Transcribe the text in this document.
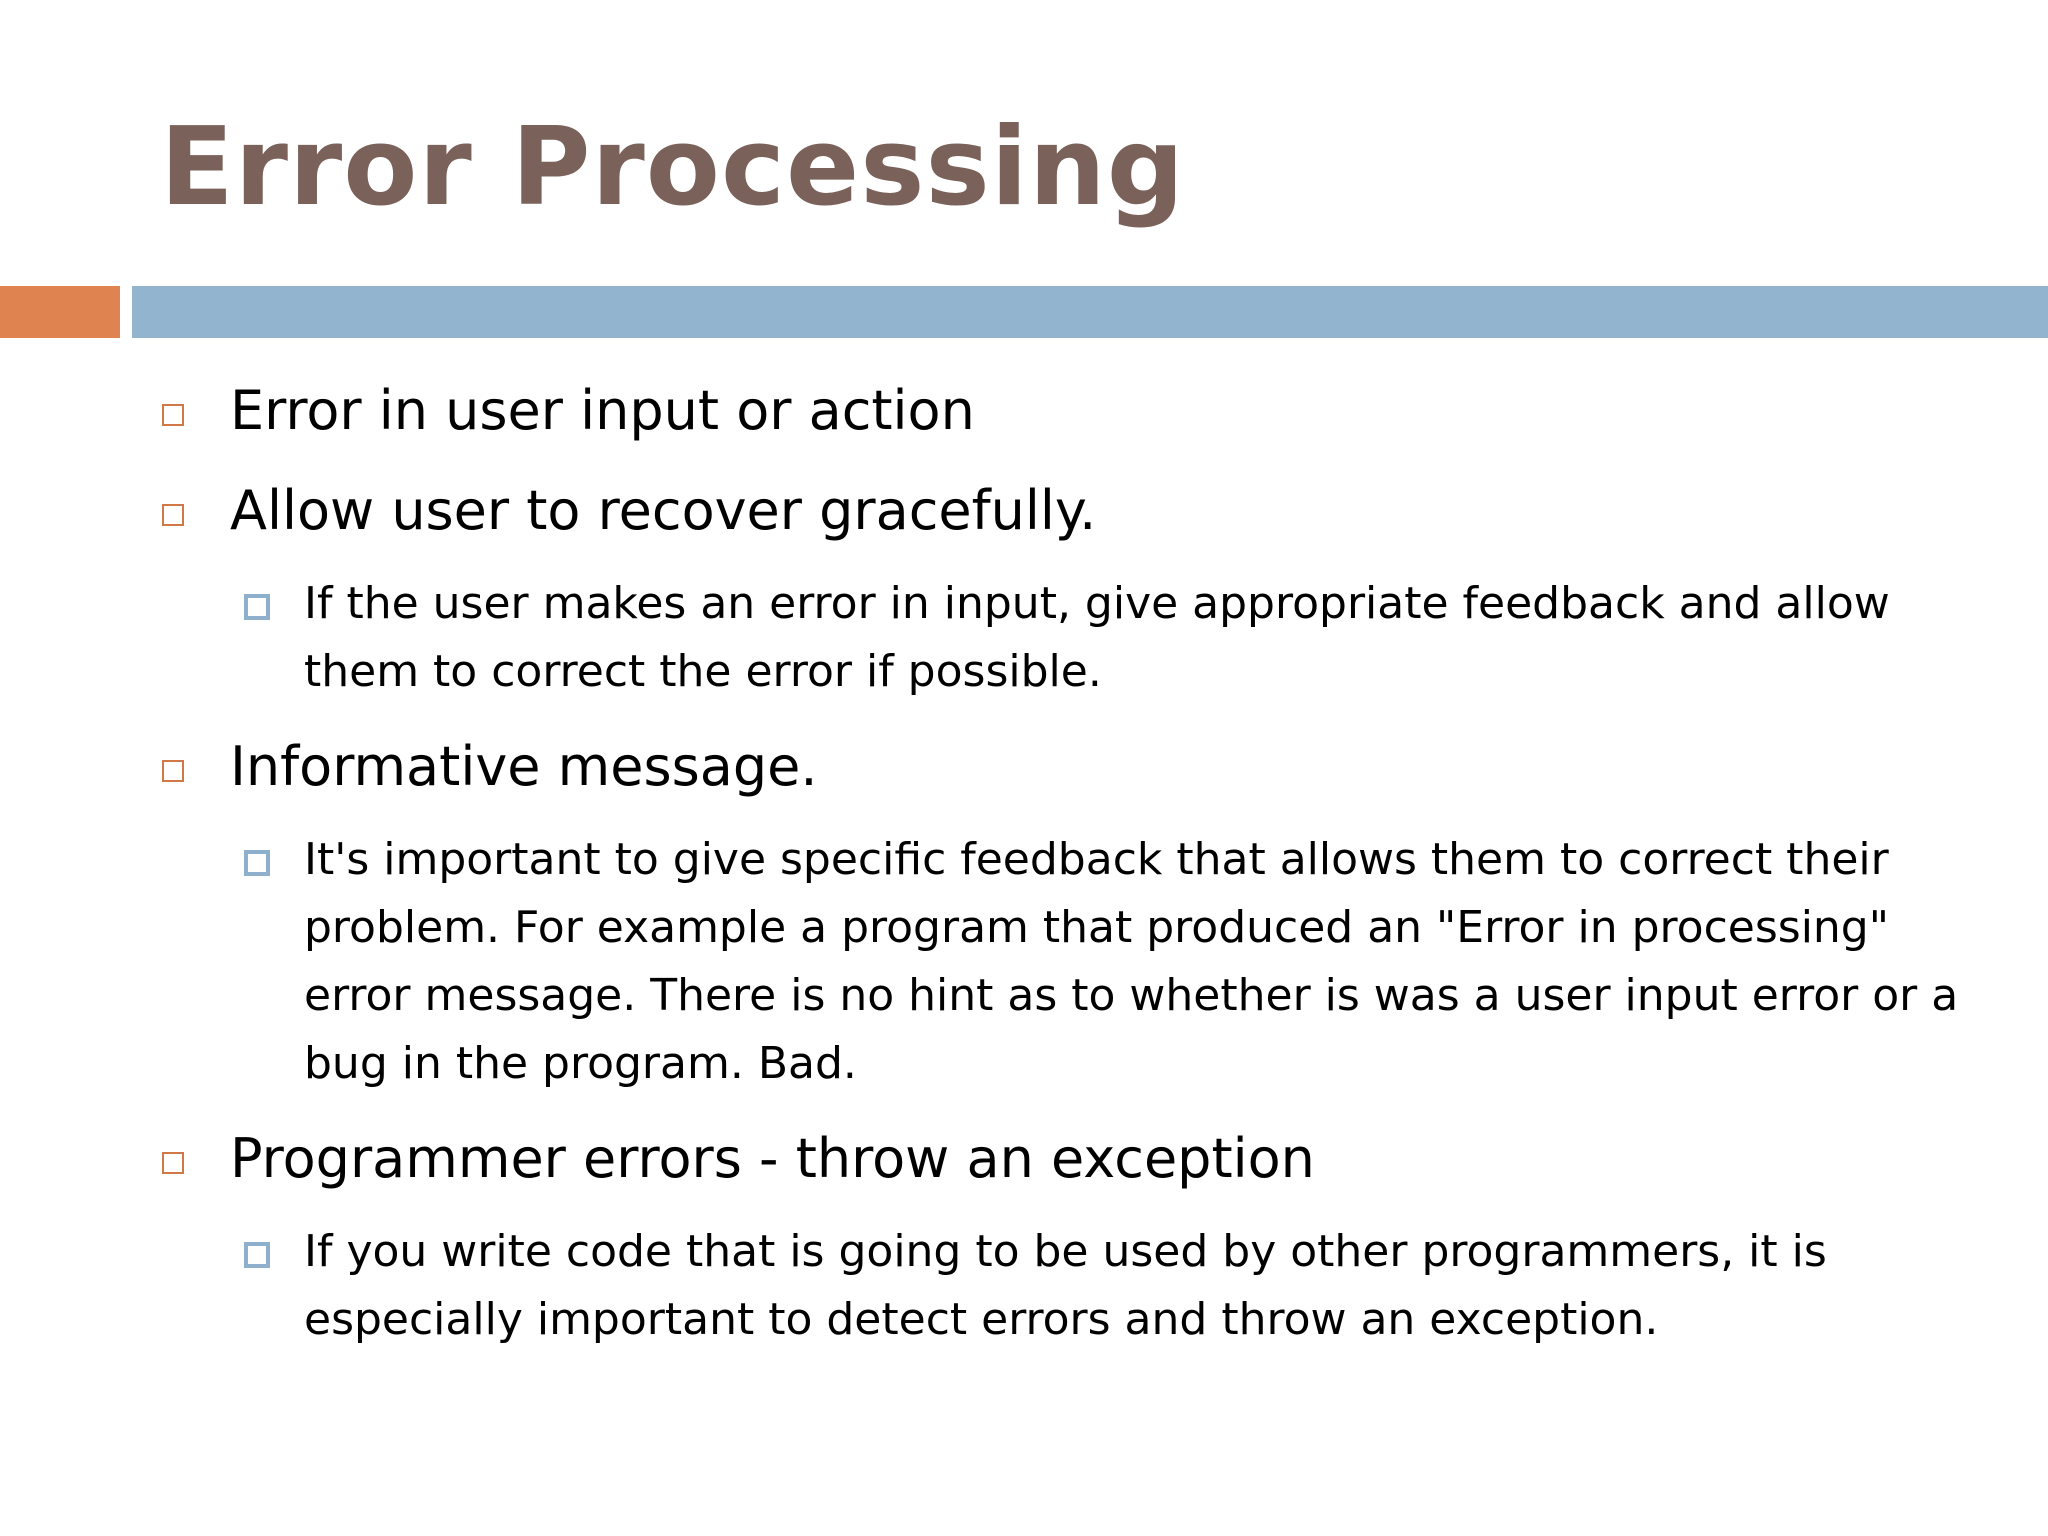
Error Processing
Error in user input or action
Allow user to recover gracefully.
If the user makes an error in input, give appropriate feedback and allow them to correct the error if possible.
Informative message.
It's important to give specific feedback that allows them to correct their problem. For example a program that produced an "Error in processing" error message. There is no hint as to whether is was a user input error or a bug in the program. Bad.
Programmer errors - throw an exception
If you write code that is going to be used by other programmers, it is especially important to detect errors and throw an exception.
